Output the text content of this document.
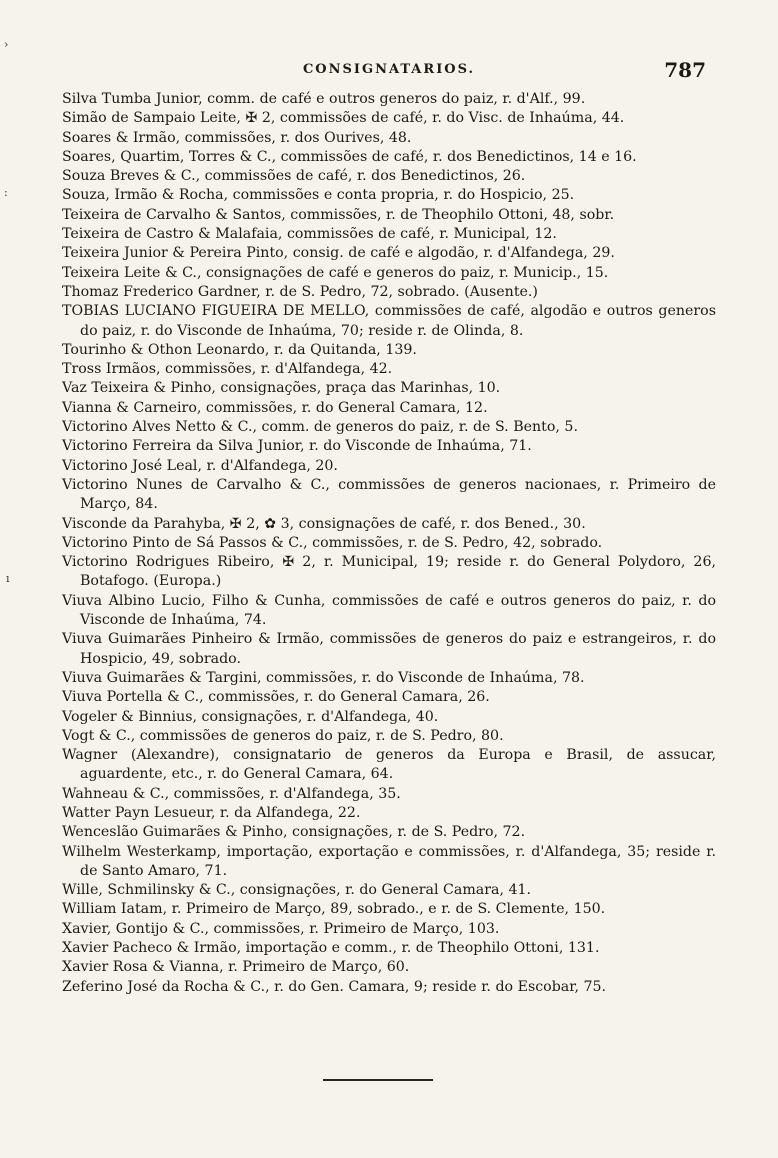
CONSIGNATARIOS.	787
›
:
ı

Silva Tumba Junior, comm. de café e outros generos do paiz, r. d'Alf., 99.

Simão de Sampaio Leite, ✠ 2, commissões de café, r. do Visc. de Inhaúma, 44.

Soares & Irmão, commissões, r. dos Ourives, 48.

Soares, Quartim, Torres & C., commissões de café, r. dos Benedictinos, 14 e 16.

Souza Breves & C., commissões de café, r. dos Benedictinos, 26.

Souza, Irmão & Rocha, commissões e conta propria, r. do Hospicio, 25.

Teixeira de Carvalho & Santos, commissões, r. de Theophilo Ottoni, 48, sobr.

Teixeira de Castro & Malafaia, commissões de café, r. Municipal, 12.

Teixeira Junior & Pereira Pinto, consig. de café e algodão, r. d'Alfandega, 29.

Teixeira Leite & C., consignações de café e generos do paiz, r. Municip., 15.

Thomaz Frederico Gardner, r. de S. Pedro, 72, sobrado. (Ausente.)

TOBIAS LUCIANO FIGUEIRA DE MELLO, commissões de café, algodão e outros generos do paiz, r. do Visconde de Inhaúma, 70; reside r. de Olinda, 8.

Tourinho & Othon Leonardo, r. da Quitanda, 139.

Tross Irmãos, commissões, r. d'Alfandega, 42.

Vaz Teixeira & Pinho, consignações, praça das Marinhas, 10.

Vianna & Carneiro, commissões, r. do General Camara, 12.

Victorino Alves Netto & C., comm. de generos do paiz, r. de S. Bento, 5.

Victorino Ferreira da Silva Junior, r. do Visconde de Inhaúma, 71.

Victorino José Leal, r. d'Alfandega, 20.

Victorino Nunes de Carvalho & C., commissões de generos nacionaes, r. Primeiro de Março, 84.

Visconde da Parahyba, ✠ 2, ✿ 3, consignações de café, r. dos Bened., 30.

Victorino Pinto de Sá Passos & C., commissões, r. de S. Pedro, 42, sobrado.

Victorino Rodrigues Ribeiro, ✠ 2, r. Municipal, 19; reside r. do General Polydoro, 26, Botafogo. (Europa.)

Viuva Albino Lucio, Filho & Cunha, commissões de café e outros generos do paiz, r. do Visconde de Inhaúma, 74.

Viuva Guimarães Pinheiro & Irmão, commissões de generos do paiz e estrangeiros, r. do Hospicio, 49, sobrado.

Viuva Guimarães & Targini, commissões, r. do Visconde de Inhaúma, 78.

Viuva Portella & C., commissões, r. do General Camara, 26.

Vogeler & Binnius, consignações, r. d'Alfandega, 40.

Vogt & C., commissões de generos do paiz, r. de S. Pedro, 80.

Wagner (Alexandre), consignatario de generos da Europa e Brasil, de assucar, aguardente, etc., r. do General Camara, 64.

Wahneau & C., commissões, r. d'Alfandega, 35.

Watter Payn Lesueur, r. da Alfandega, 22.

Wenceslão Guimarães & Pinho, consignações, r. de S. Pedro, 72.

Wilhelm Westerkamp, importação, exportação e commissões, r. d'Alfandega, 35; reside r. de Santo Amaro, 71.

Wille, Schmilinsky & C., consignações, r. do General Camara, 41.

William Iatam, r. Primeiro de Março, 89, sobrado., e r. de S. Clemente, 150.

Xavier, Gontijo & C., commissões, r. Primeiro de Março, 103.

Xavier Pacheco & Irmão, importação e comm., r. de Theophilo Ottoni, 131.

Xavier Rosa & Vianna, r. Primeiro de Março, 60.

Zeferino José da Rocha & C., r. do Gen. Camara, 9; reside r. do Escobar, 75.
